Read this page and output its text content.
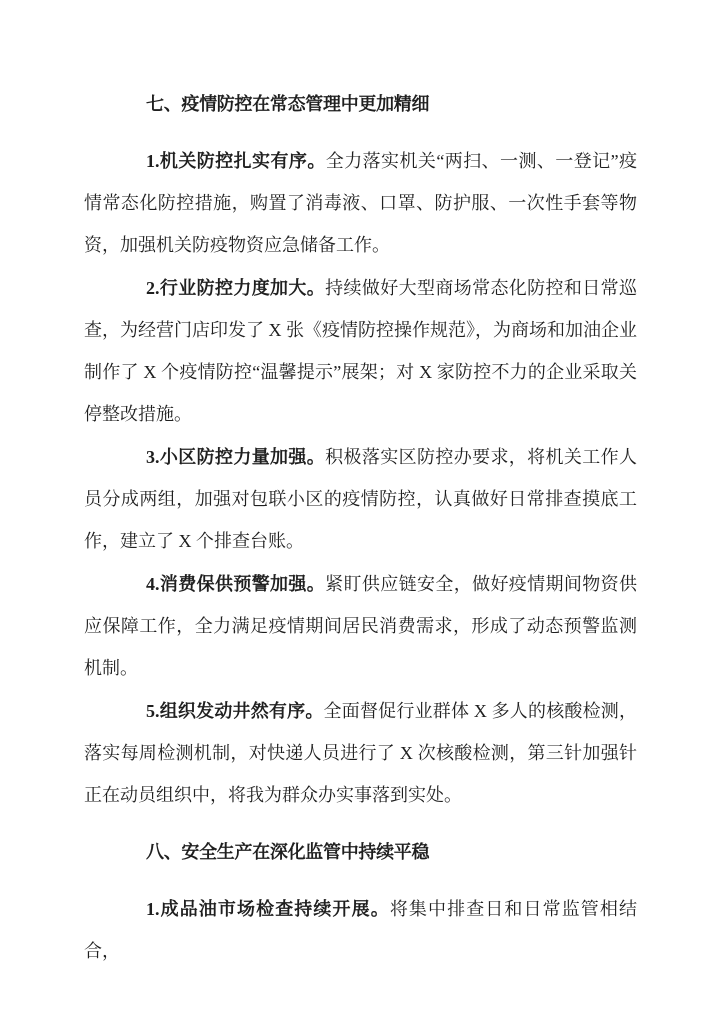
七、疫情防控在常态管理中更加精细

1.机关防控扎实有序。全力落实机关“两扫、一测、一登记”疫情常态化防控措施，购置了消毒液、口罩、防护服、一次性手套等物资，加强机关防疫物资应急储备工作。

2.行业防控力度加大。持续做好大型商场常态化防控和日常巡查，为经营门店印发了 X 张《疫情防控操作规范》，为商场和加油企业制作了 X 个疫情防控“温馨提示”展架；对 X 家防控不力的企业采取关停整改措施。

3.小区防控力量加强。积极落实区防控办要求，将机关工作人员分成两组，加强对包联小区的疫情防控，认真做好日常排查摸底工作，建立了 X 个排查台账。

4.消费保供预警加强。紧盯供应链安全，做好疫情期间物资供应保障工作，全力满足疫情期间居民消费需求，形成了动态预警监测机制。

5.组织发动井然有序。全面督促行业群体 X 多人的核酸检测，落实每周检测机制，对快递人员进行了 X 次核酸检测，第三针加强针正在动员组织中，将我为群众办实事落到实处。

八、安全生产在深化监管中持续平稳

1.成品油市场检查持续开展。将集中排查日和日常监管相结合，
